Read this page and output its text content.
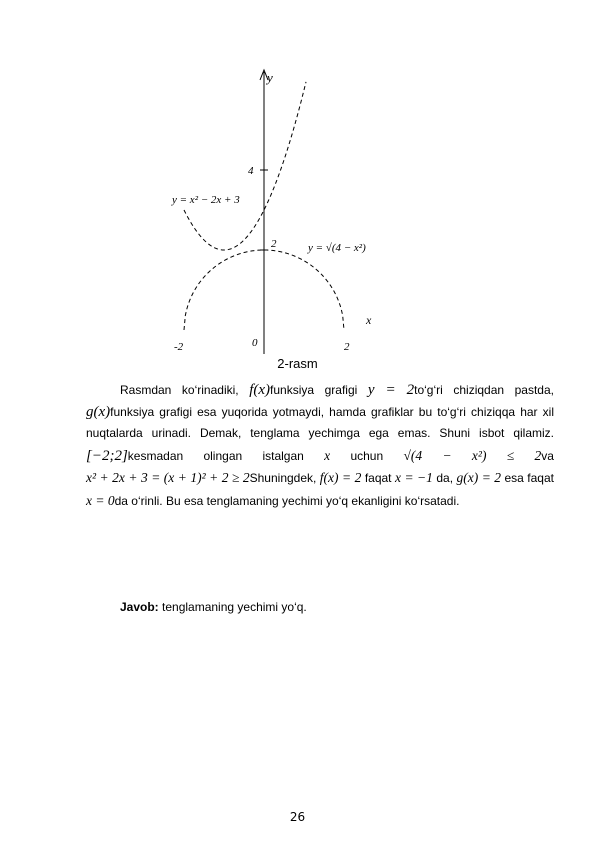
y
4
2
y = x² − 2x + 3
y = √(4 − x²)
-2	0	2
x
2-rasm
Rasmdan ko‘rinadiki, f(x)funksiya grafigi y = 2to‘g‘ri chiziqdan pastda, g(x)funksiya grafigi esa yuqorida yotmaydi, hamda grafiklar bu to‘g‘ri chiziqqa har xil nuqtalarda urinadi. Demak, tenglama yechimga ega emas. Shuni isbot qilamiz. [−2;2]kesmadan olingan istalgan x uchun √(4 − x²) ≤ 2va x² + 2x + 3 = (x + 1)² + 2 ≥ 2Shuningdek, f(x) = 2 faqat x = −1 da, g(x) = 2 esa faqat x = 0da o‘rinli. Bu esa tenglamaning yechimi yo‘q ekanligini ko‘rsatadi.
Javob: tenglamaning yechimi yo‘q.
26
